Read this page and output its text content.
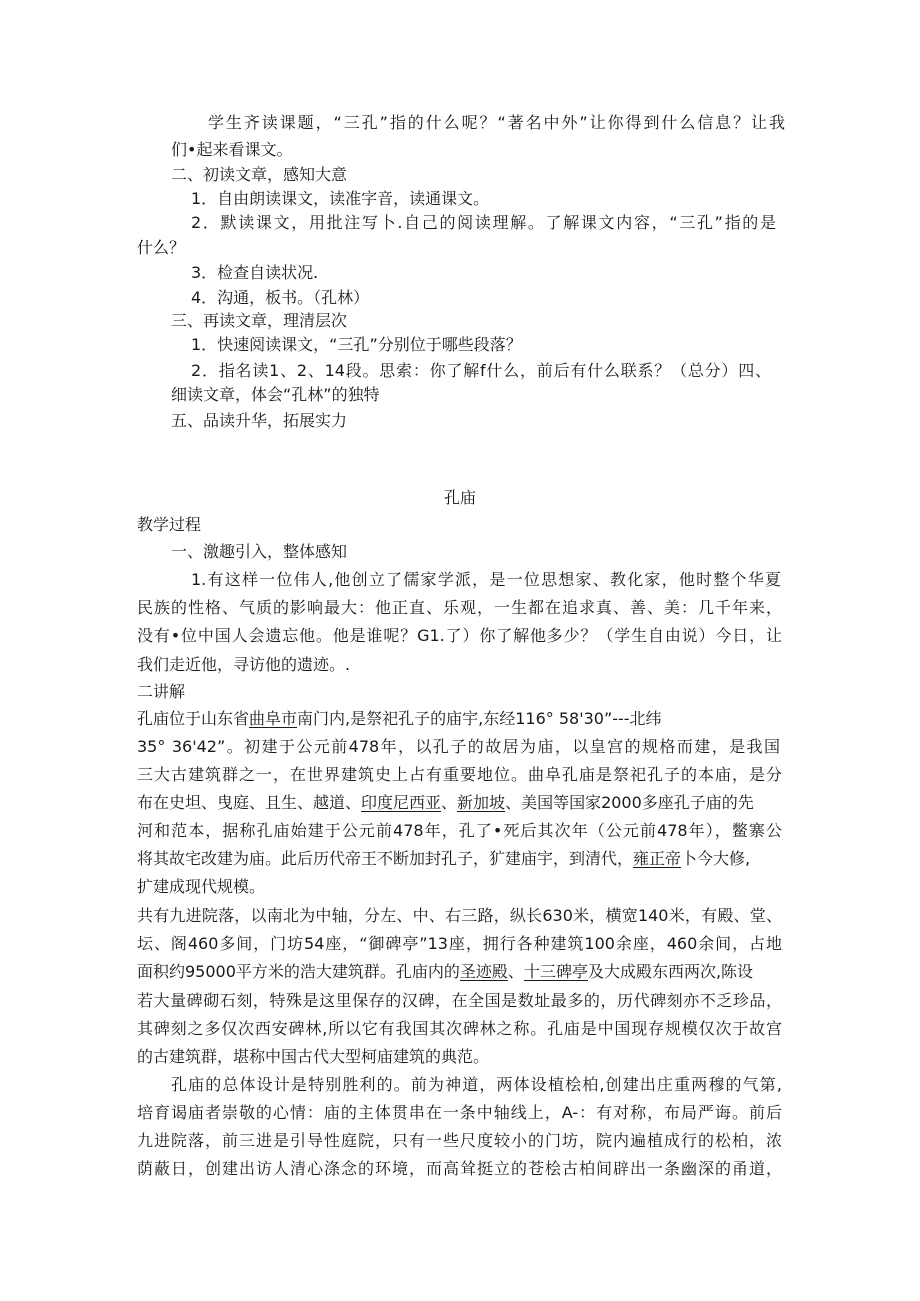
学生齐读课题，“三孔”指的什么呢？“著名中外”让你得到什么信息？让我
们•起来看课文。
二、初读文章，感知大意
1．自由朗读课文，读准字音，读通课文。
2．默读课文，用批注写卜.自己的阅读理解。了解课文内容，“三孔”指的是
什么？
3．检查自读状况.
4．沟通，板书。（孔林）
三、再读文章，理清层次
1．快速阅读课文，“三孔”分别位于哪些段落？
2．指名读1、2、14段。思索：你了解f什么，前后有什么联系？（总分）四、
细读文章，体会“孔林”的独特
五、品读升华，拓展实力
孔庙
教学过程
一、激趣引入，整体感知
1.有这样一位伟人,他创立了儒家学派，是一位思想家、教化家，他时整个华夏
民族的性格、气质的影响最大：他正直、乐观，一生都在追求真、善、美：几千年来，
没有•位中国人会遗忘他。他是谁呢？G1.了）你了解他多少？（学生自由说）今日，让
我们走近他，寻访他的遗迹。.
二讲解
孔庙位于山东省曲阜市南门内,是祭祀孔子的庙宇,东经116° 58'30”---北纬
35° 36'42”。初建于公元前478年，以孔子的故居为庙，以皇宫的规格而建，是我国
三大古建筑群之一，在世界建筑史上占有重要地位。曲阜孔庙是祭祀孔子的本庙，是分
布在史坦、曳庭、且生、越道、印度尼西亚、新加坡、美国等国家2000多座孔子庙的先
河和范本，据称孔庙始建于公元前478年，孔了•死后其次年（公元前478年），鳖寨公
将其故宅改建为庙。此后历代帝王不断加封孔子，犷建庙宇，到清代，雍正帝卜今大修,
扩建成现代规模。
共有九进院落，以南北为中轴，分左、中、右三路，纵长630米，横宽140米，有殿、堂、
坛、阁460多间，门坊54座，“御碑亭”13座，拥行各种建筑100余座，460余间，占地
面积约95000平方米的浩大建筑群。孔庙内的圣迹殿、十三碑亭及大成殿东西两次,陈设
若大量碑砌石刻，特殊是这里保存的汉碑，在全国是数址最多的，历代碑刻亦不乏珍品，
其碑刻之多仅次西安碑林,所以它有我国其次碑林之称。孔庙是中国现存规模仅次于故宫
的古建筑群，堪称中国古代大型柯庙建筑的典范。
孔庙的总体设计是特别胜利的。前为神道，两体设植桧柏,创建出庄重两穆的气第,
培育谒庙者崇敬的心情：庙的主体贯串在一条中轴线上，A-：有对称，布局严诲。前后
九进院落，前三进是引导性庭院，只有一些尺度较小的门坊，院内遍植成行的松柏，浓
荫蔽日，创建出访人清心涤念的环境，而高耸挺立的苍桧古柏间辟出一条幽深的甬道，
